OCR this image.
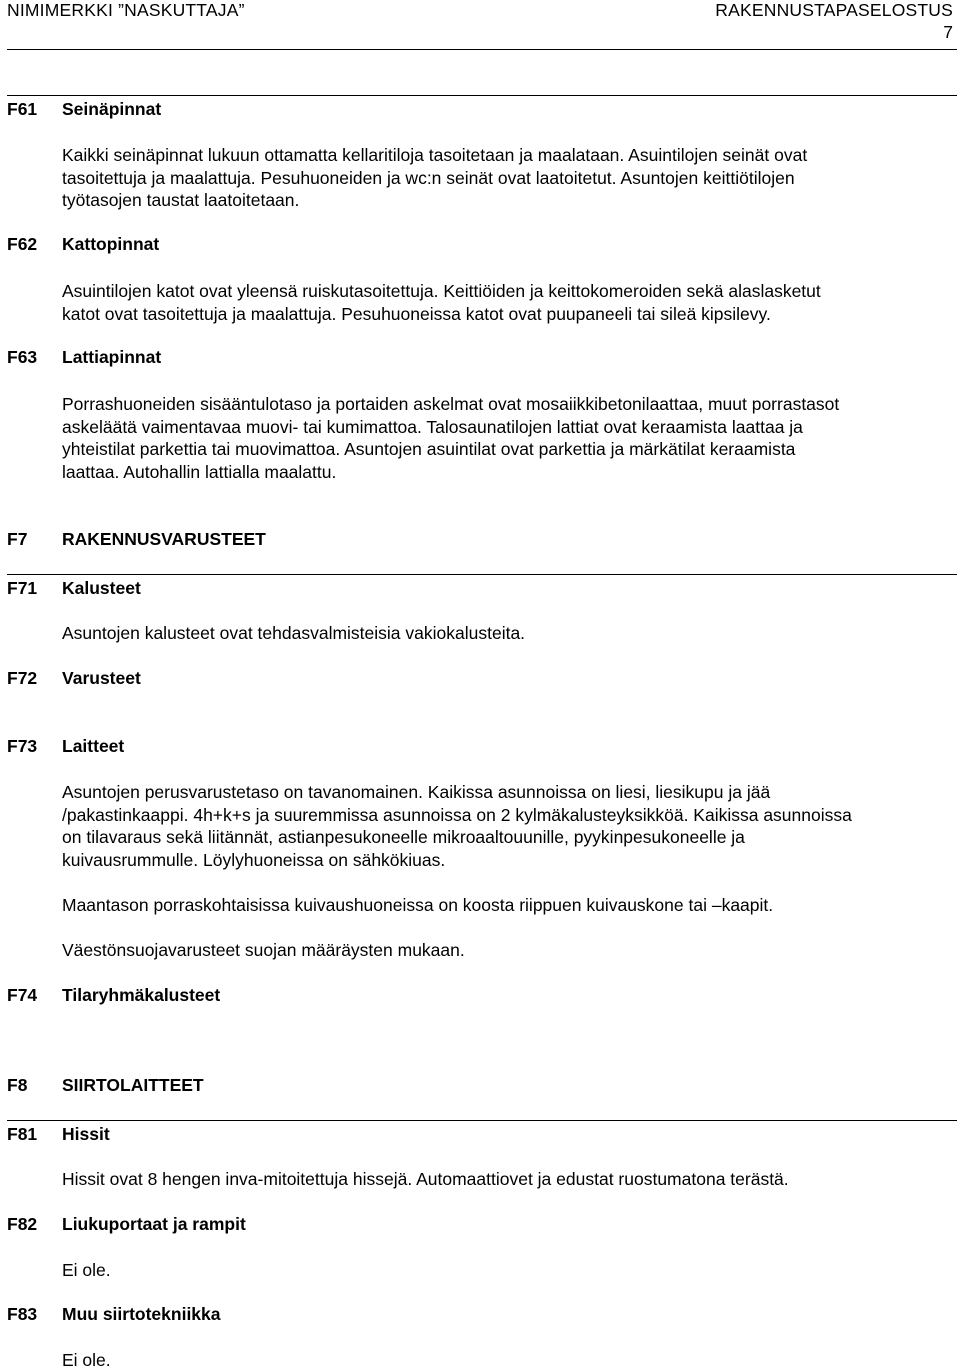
NIMIMERKKI ”NASKUTTAJA”	RAKENNUSTAPASELOSTUS
7
F61 Seinäpinnat
Kaikki seinäpinnat lukuun ottamatta kellaritiloja tasoitetaan ja maalataan. Asuintilojen seinät ovat
tasoitettuja ja maalattuja. Pesuhuoneiden ja wc:n seinät ovat laatoitetut. Asuntojen keittiötilojen
työtasojen taustat laatoitetaan.
F62 Kattopinnat
Asuintilojen katot ovat yleensä ruiskutasoitettuja. Keittiöiden ja keittokomeroiden sekä alaslasketut
katot ovat tasoitettuja ja maalattuja. Pesuhuoneissa katot ovat puupaneeli tai sileä kipsilevy.
F63 Lattiapinnat
Porrashuoneiden sisääntulotaso ja portaiden askelmat ovat mosaiikkibetonilaattaa, muut porrastasot
askeläätä vaimentavaa muovi- tai kumimattoa. Talosaunatilojen lattiat ovat keraamista laattaa ja
yhteistilat parkettia tai muovimattoa. Asuntojen asuintilat ovat parkettia ja märkätilat keraamista
laattaa. Autohallin lattialla maalattu.
F7 RAKENNUSVARUSTEET
F71 Kalusteet
Asuntojen kalusteet ovat tehdasvalmisteisia vakiokalusteita.
F72 Varusteet
F73 Laitteet
Asuntojen perusvarustetaso on tavanomainen. Kaikissa asunnoissa on liesi, liesikupu ja jää
/pakastinkaappi. 4h+k+s ja suuremmissa asunnoissa on 2 kylmäkalusteyksikköä. Kaikissa asunnoissa
on tilavaraus sekä liitännät, astianpesukoneelle mikroaaltouunille, pyykinpesukoneelle ja
kuivausrummulle. Löylyhuoneissa on sähkökiuas.
Maantason porraskohtaisissa kuivaushuoneissa on koosta riippuen kuivauskone tai –kaapit.
Väestönsuojavarusteet suojan määräysten mukaan.
F74 Tilaryhmäkalusteet
F8 SIIRTOLAITTEET
F81 Hissit
Hissit ovat 8 hengen inva-mitoitettuja hissejä. Automaattiovet ja edustat ruostumatona terästä.
F82 Liukuportaat ja rampit
Ei ole.
F83 Muu siirtotekniikka
Ei ole.
